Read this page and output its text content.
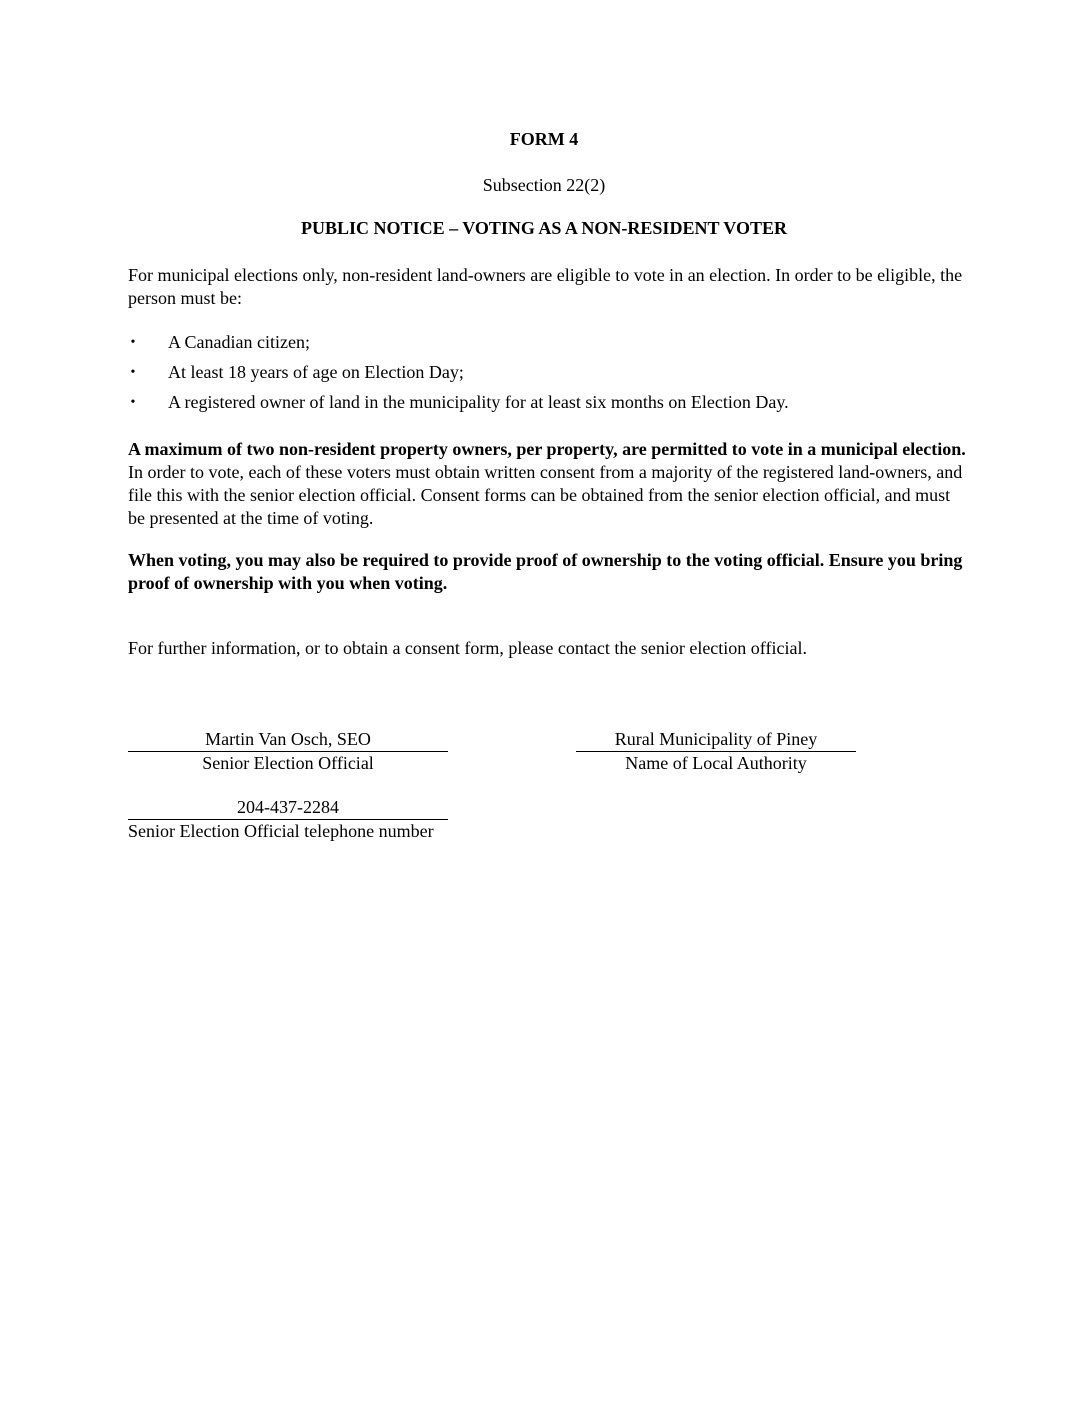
FORM 4
Subsection 22(2)
PUBLIC NOTICE – VOTING AS A NON-RESIDENT VOTER

For municipal elections only, non-resident land-owners are eligible to vote in an election. In order to be eligible, the person must be:

• A Canadian citizen;
• At least 18 years of age on Election Day;
• A registered owner of land in the municipality for at least six months on Election Day.

A maximum of two non-resident property owners, per property, are permitted to vote in a municipal election. In order to vote, each of these voters must obtain written consent from a majority of the registered land-owners, and file this with the senior election official. Consent forms can be obtained from the senior election official, and must be presented at the time of voting.

When voting, you may also be required to provide proof of ownership to the voting official. Ensure you bring proof of ownership with you when voting.

For further information, or to obtain a consent form, please contact the senior election official.

Martin Van Osch, SEO
Senior Election Official
Rural Municipality of Piney
Name of Local Authority
204-437-2284
Senior Election Official telephone number
